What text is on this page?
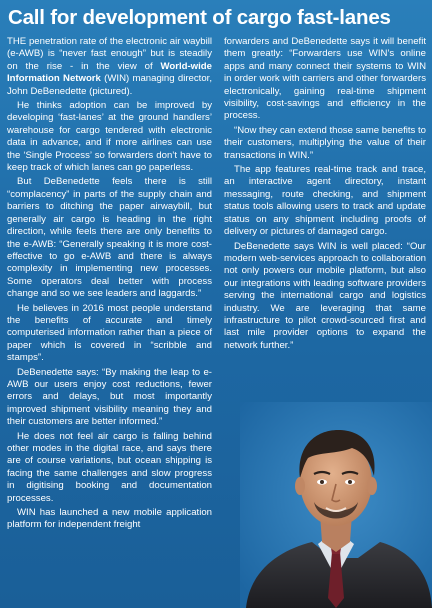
Call for development of cargo fast-lanes

THE penetration rate of the electronic air waybill (e-AWB) is “never fast enough” but is steadily on the rise - in the view of World-wide Information Network (WIN) managing director, John DeBenedette (pictured).

He thinks adoption can be improved by developing ‘fast-lanes’ at the ground handlers’ warehouse for cargo tendered with electronic data in advance, and if more airlines can use the ‘Single Process’ so forwarders don’t have to keep track of which lanes can go paperless.

But DeBenedette feels there is still “complacency” in parts of the supply chain and barriers to ditching the paper airwaybill, but generally air cargo is heading in the right direction, while feels there are only benefits to the e-AWB: “Generally speaking it is more cost-effective to go e-AWB and there is always complexity in implementing new processes. Some operators deal better with process change and so we see leaders and laggards.”

He believes in 2016 most people understand the benefits of accurate and timely computerised information rather than a piece of paper which is covered in “scribble and stamps”.

DeBenedette says: “By making the leap to e-AWB our users enjoy cost reductions, fewer errors and delays, but most importantly improved shipment visibility meaning they and their customers are better informed.”

He does not feel air cargo is falling behind other modes in the digital race, and says there are of course variations, but ocean shipping is facing the same challenges and slow progress in digitising booking and documentation processes.

WIN has launched a new mobile application platform for independent freight

forwarders and DeBenedette says it will benefit them greatly: “Forwarders use WIN’s online apps and many connect their systems to WIN in order work with carriers and other forwarders electronically, gaining real-time shipment visibility, cost-savings and efficiency in the process.

“Now they can extend those same benefits to their customers, multiplying the value of their transactions in WIN.”

The app features real-time track and trace, an interactive agent directory, instant messaging, route checking, and shipment status tools allowing users to track and update status on any shipment including proofs of delivery or pictures of damaged cargo.

DeBenedette says WIN is well placed: “Our modern web-services approach to collaboration not only powers our mobile platform, but also our integrations with leading software providers serving the international cargo and logistics industry. We are leveraging that same infrastructure to pilot crowd-sourced first and last mile provider options to expand the network further.”
